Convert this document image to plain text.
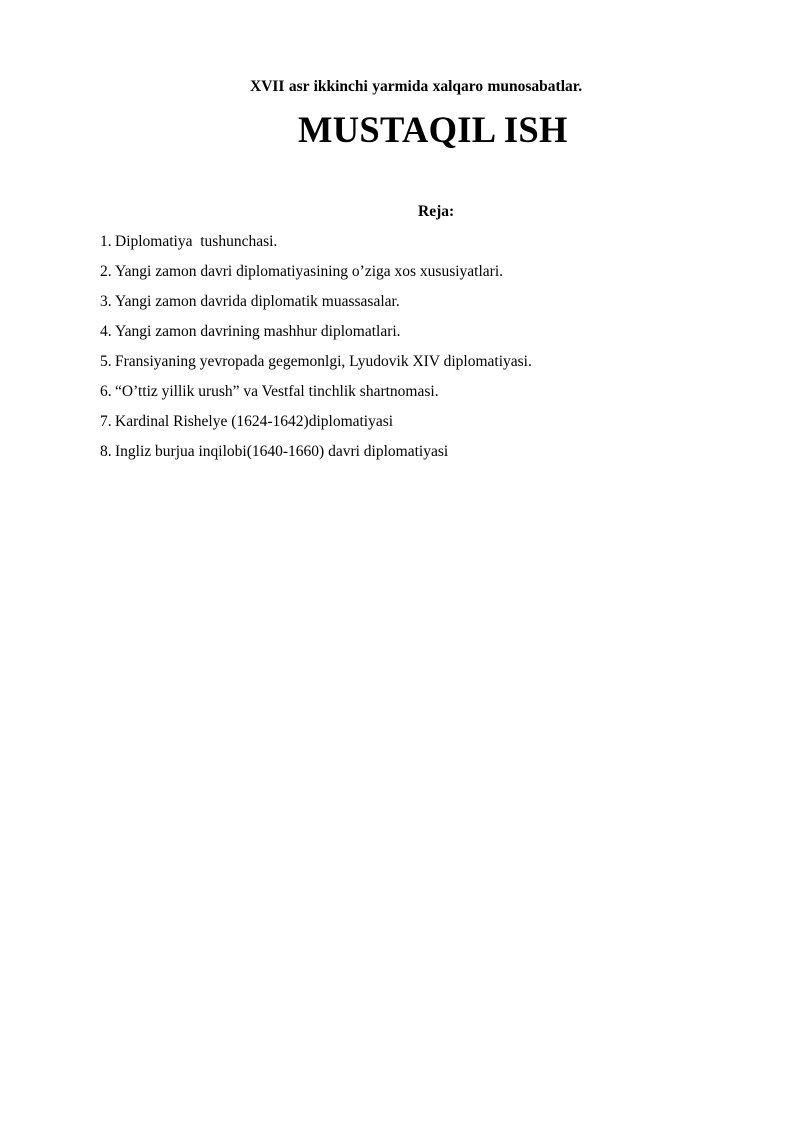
XVII asr ikkinchi yarmida xalqaro munosabatlar.
MUSTAQIL ISH
Reja:
1. Diplomatiya  tushunchasi.
2. Yangi zamon davri diplomatiyasining o’ziga xos xususiyatlari.
3. Yangi zamon davrida diplomatik muassasalar.
4. Yangi zamon davrining mashhur diplomatlari.
5. Fransiyaning yevropada gegemonlgi, Lyudovik XIV diplomatiyasi.
6. “O’ttiz yillik urush” va Vestfal tinchlik shartnomasi.
7. Kardinal Rishelye (1624-1642)diplomatiyasi
8. Ingliz burjua inqilobi(1640-1660) davri diplomatiyasi
